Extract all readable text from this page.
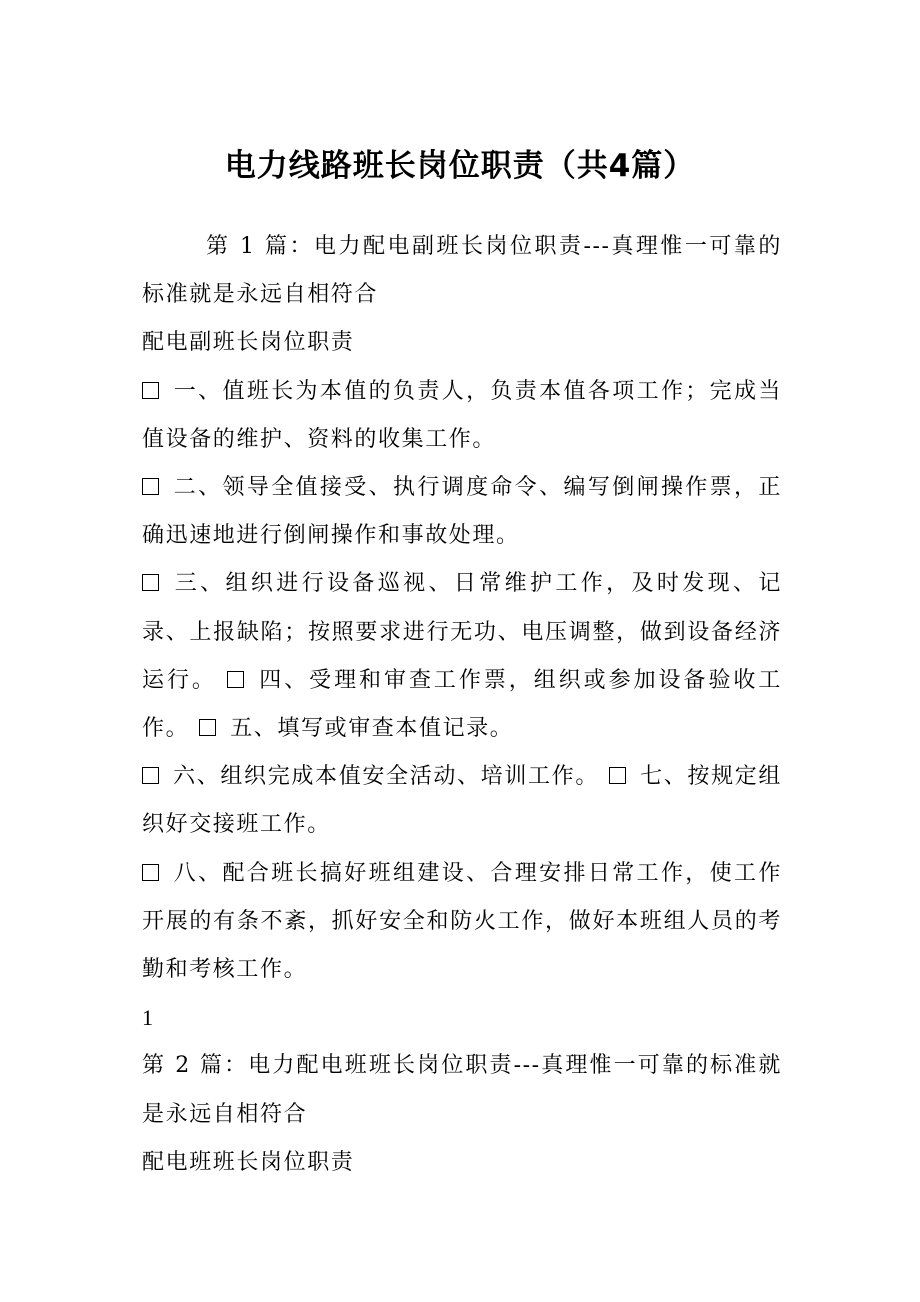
电力线路班长岗位职责（共4篇）

第 1 篇：电力配电副班长岗位职责---真理惟一可靠的标准就是永远自相符合

配电副班长岗位职责

一、值班长为本值的负责人，负责本值各项工作；完成当值设备的维护、资料的收集工作。

二、领导全值接受、执行调度命令、编写倒闸操作票，正确迅速地进行倒闸操作和事故处理。

三、组织进行设备巡视、日常维护工作，及时发现、记录、上报缺陷；按照要求进行无功、电压调整，做到设备经济运行。 四、受理和审查工作票，组织或参加设备验收工作。 五、填写或审查本值记录。

六、组织完成本值安全活动、培训工作。 七、按规定组织好交接班工作。

八、配合班长搞好班组建设、合理安排日常工作，使工作开展的有条不紊，抓好安全和防火工作，做好本班组人员的考勤和考核工作。

1

第 2 篇：电力配电班班长岗位职责---真理惟一可靠的标准就是永远自相符合

配电班班长岗位职责
